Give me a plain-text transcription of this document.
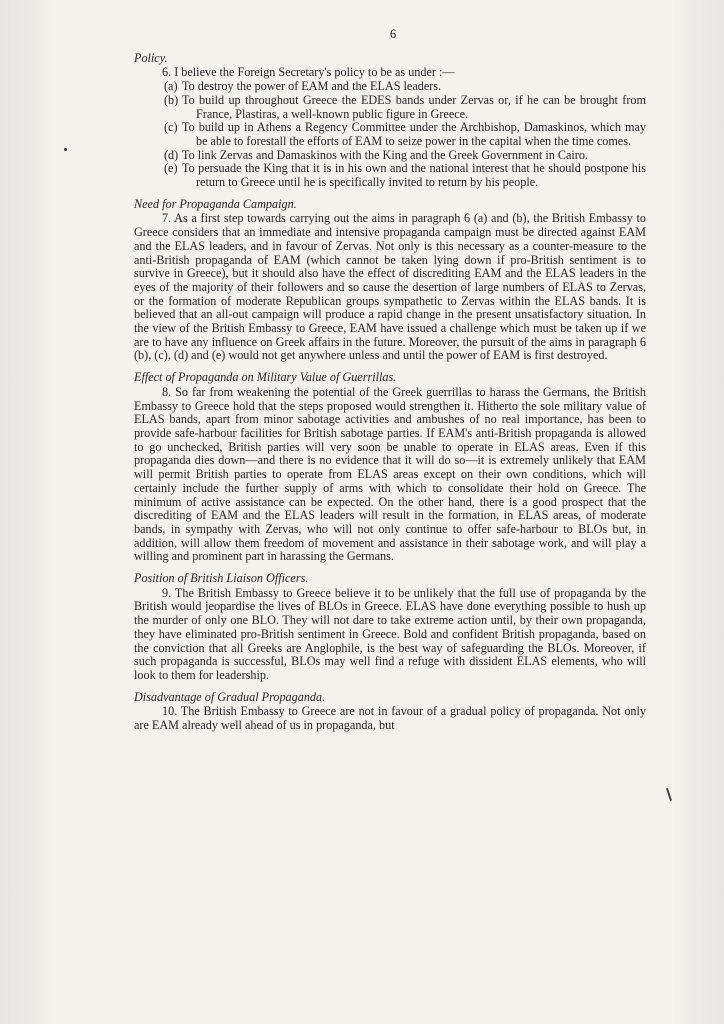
6

Policy.

6. I believe the Foreign Secretary's policy to be as under :—

(a) To destroy the power of EAM and the ELAS leaders.

(b) To build up throughout Greece the EDES bands under Zervas or, if he can be brought from France, Plastiras, a well-known public figure in Greece.

(c) To build up in Athens a Regency Committee under the Archbishop, Damaskinos, which may be able to forestall the efforts of EAM to seize power in the capital when the time comes.

(d) To link Zervas and Damaskinos with the King and the Greek Government in Cairo.

(e) To persuade the King that it is in his own and the national interest that he should postpone his return to Greece until he is specifically invited to return by his people.

Need for Propaganda Campaign.

7. As a first step towards carrying out the aims in paragraph 6 (a) and (b), the British Embassy to Greece considers that an immediate and intensive propaganda campaign must be directed against EAM and the ELAS leaders, and in favour of Zervas. Not only is this necessary as a counter-measure to the anti-British propaganda of EAM (which cannot be taken lying down if pro-British sentiment is to survive in Greece), but it should also have the effect of discrediting EAM and the ELAS leaders in the eyes of the majority of their followers and so cause the desertion of large numbers of ELAS to Zervas, or the formation of moderate Republican groups sympathetic to Zervas within the ELAS bands. It is believed that an all-out campaign will produce a rapid change in the present unsatisfactory situation. In the view of the British Embassy to Greece, EAM have issued a challenge which must be taken up if we are to have any influence on Greek affairs in the future. Moreover, the pursuit of the aims in paragraph 6 (b), (c), (d) and (e) would not get anywhere unless and until the power of EAM is first destroyed.

Effect of Propaganda on Military Value of Guerrillas.

8. So far from weakening the potential of the Greek guerrillas to harass the Germans, the British Embassy to Greece hold that the steps proposed would strengthen it. Hitherto the sole military value of ELAS bands, apart from minor sabotage activities and ambushes of no real importance, has been to provide safe-harbour facilities for British sabotage parties. If EAM's anti-British propaganda is allowed to go unchecked, British parties will very soon be unable to operate in ELAS areas. Even if this propaganda dies down—and there is no evidence that it will do so—it is extremely unlikely that EAM will permit British parties to operate from ELAS areas except on their own conditions, which will certainly include the further supply of arms with which to consolidate their hold on Greece. The minimum of active assistance can be expected. On the other hand, there is a good prospect that the discrediting of EAM and the ELAS leaders will result in the formation, in ELAS areas, of moderate bands, in sympathy with Zervas, who will not only continue to offer safe-harbour to BLOs but, in addition, will allow them freedom of movement and assistance in their sabotage work, and will play a willing and prominent part in harassing the Germans.

Position of British Liaison Officers.

9. The British Embassy to Greece believe it to be unlikely that the full use of propaganda by the British would jeopardise the lives of BLOs in Greece. ELAS have done everything possible to hush up the murder of only one BLO. They will not dare to take extreme action until, by their own propaganda, they have eliminated pro-British sentiment in Greece. Bold and confident British propaganda, based on the conviction that all Greeks are Anglophile, is the best way of safeguarding the BLOs. Moreover, if such propaganda is successful, BLOs may well find a refuge with dissident ELAS elements, who will look to them for leadership.

Disadvantage of Gradual Propaganda.

10. The British Embassy to Greece are not in favour of a gradual policy of propaganda. Not only are EAM already well ahead of us in propaganda, but
